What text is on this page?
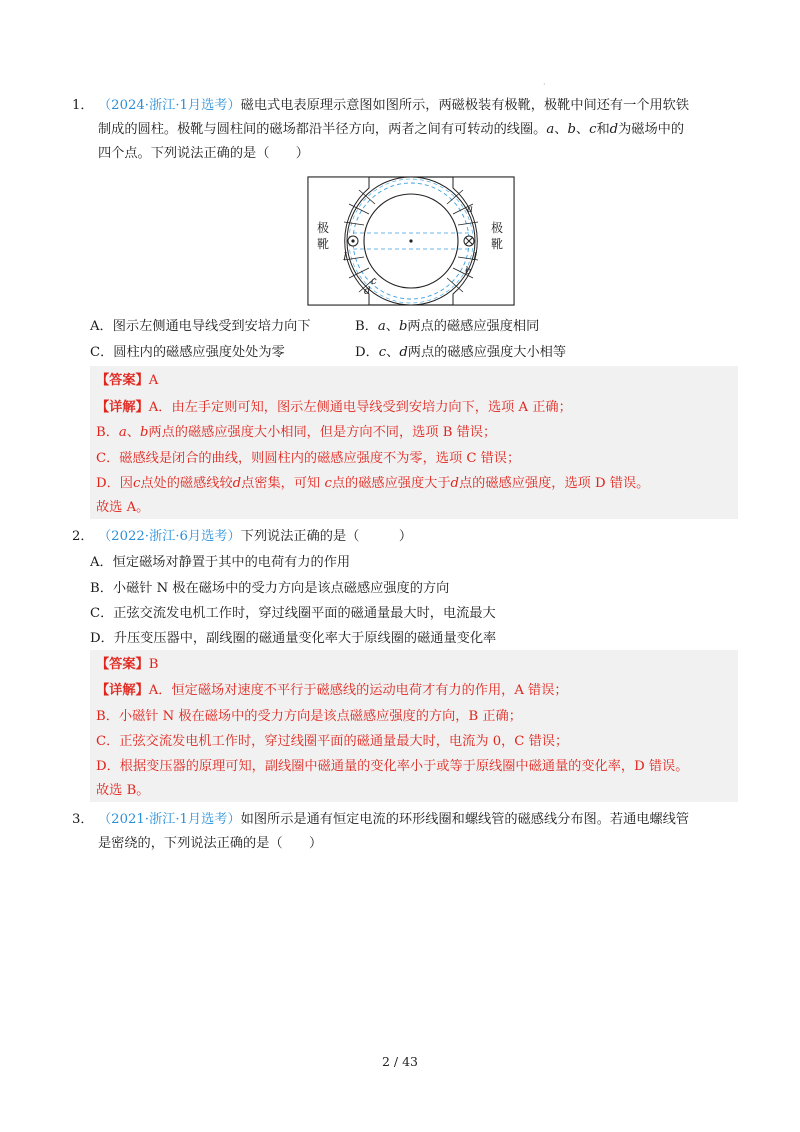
·
1． （2024·浙江·1月选考）磁电式电表原理示意图如图所示，两磁极装有极靴，极靴中间还有一个用软铁
制成的圆柱。极靴与圆柱间的磁场都沿半径方向，两者之间有可转动的线圈。a、b、c和d为磁场中的
四个点。下列说法正确的是（　　）
极
靴
极
靴
I	I
a
b
c
d
A．图示左侧通电导线受到安培力向下	B．a、b两点的磁感应强度相同
C．圆柱内的磁感应强度处处为零	D．c、d两点的磁感应强度大小相等
【答案】A
【详解】A．由左手定则可知，图示左侧通电导线受到安培力向下，选项 A 正确；
B．a、b两点的磁感应强度大小相同，但是方向不同，选项 B 错误；
C．磁感线是闭合的曲线，则圆柱内的磁感应强度不为零，选项 C 错误；
D．因c点处的磁感线较d点密集，可知 c点的磁感应强度大于d点的磁感应强度，选项 D 错误。
故选 A。
2． （2022·浙江·6月选考）下列说法正确的是（　　　）
A．恒定磁场对静置于其中的电荷有力的作用
B．小磁针 N 极在磁场中的受力方向是该点磁感应强度的方向
C．正弦交流发电机工作时，穿过线圈平面的磁通量最大时，电流最大
D．升压变压器中，副线圈的磁通量变化率大于原线圈的磁通量变化率
【答案】B
【详解】A．恒定磁场对速度不平行于磁感线的运动电荷才有力的作用，A 错误；
B．小磁针 N 极在磁场中的受力方向是该点磁感应强度的方向，B 正确；
C．正弦交流发电机工作时，穿过线圈平面的磁通量最大时，电流为 0，C 错误；
D．根据变压器的原理可知，副线圈中磁通量的变化率小于或等于原线圈中磁通量的变化率，D 错误。
故选 B。
3． （2021·浙江·1月选考）如图所示是通有恒定电流的环形线圈和螺线管的磁感线分布图。若通电螺线管
是密绕的，下列说法正确的是（　　）
2 / 43
